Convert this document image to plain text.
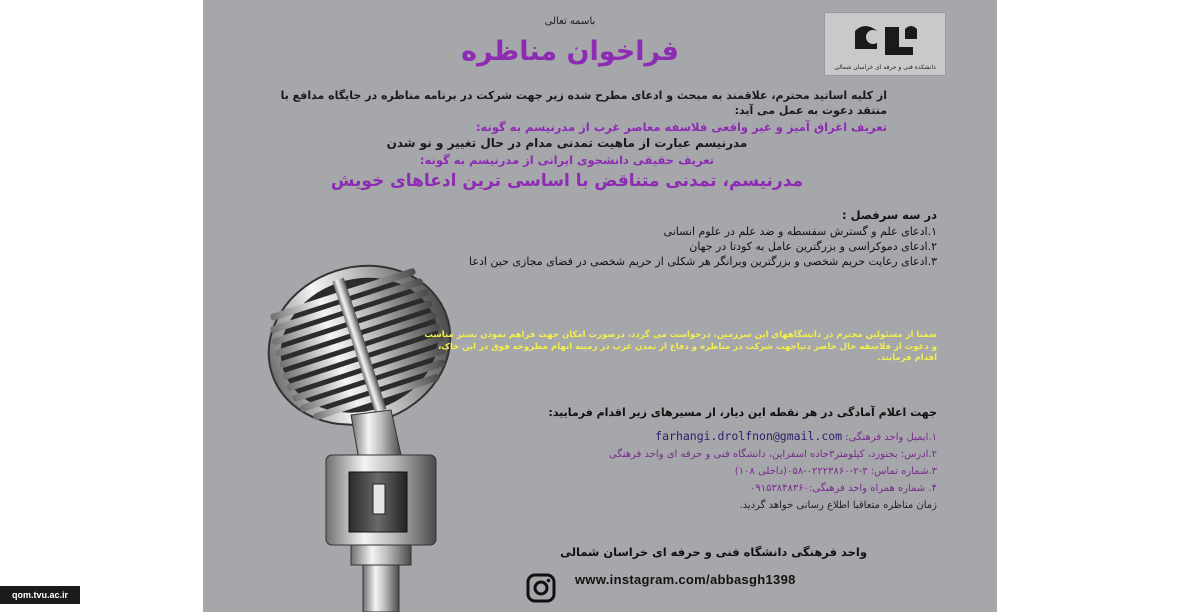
دانشکده فنی و حرفه ای خراسان شمالی
باسمه تعالی
فراخوان مناظره
از کلیه اساتید محترم، علاقمند به مبحث و ادعای مطرح شده زیر جهت شرکت در برنامه مناظره در جایگاه مدافع با منتقد دعوت به عمل می آید:
تعریف اغراق آمیز و غیر واقعی فلاسفه معاصر غرب از مدرنیسم به گونه:
مدرنیسم عبارت از ماهیت تمدنی مدام در حال تغییر و نو شدن
تعریف حقیقی دانشجوی ایرانی از مدرنیسم به گونه:
مدرنیسم، تمدنی متناقض با اساسی ترین ادعاهای خویش
در سه سرفصل :
۱.ادعای علم و گسترش سفسطه و ضد علم در علوم انسانی
۲.ادعای دموکراسی و بزرگترین عامل به کودتا در جهان
۳.ادعای رعایت حریم شخصی و بزرگترین ویرانگر هر شکلی از حریم شخصی در فضای مجازی حین ادعا
ضمنا از مسئولین محترم در دانشگاههای این سرزمین، درخواست می گردد، درصورت امکان جهت فراهم نمودن بستر مناسب و دعوت از فلاسفه حال حاضر دنیاجهت شرکت در مناظره و دفاع از تمدن غرب در زمینه اتهام مطروحه فوق در این خاک، اقدام فرمایند.
جهت اعلام آمادگی در هر نقطه این دیار، از مسیرهای زیر اقدام فرمایید:
۱.ایمیل واحد فرهنگی: farhangi.drolfnon@gmail.com
۲.ادرس: بجنورد، کیلومتر۳جاده اسفراین، دانشگاه فنی و حرفه ای واحد فرهنگی
۳.شماره تماس: ۳-۲-۰۲۲۲۳۸۶۰-۰۵۸(داخلی ۱۰۸)
۴. شماره همراه واحد فرهنگی:۰۹۱۵۳۸۴۸۳۶۰
زمان مناظره متعاقبا اطلاع رسانی خواهد گردید.
واحد فرهنگی دانشگاه فنی و حرفه ای خراسان شمالی
www.instagram.com/abbasgh1398
qom.tvu.ac.ir
